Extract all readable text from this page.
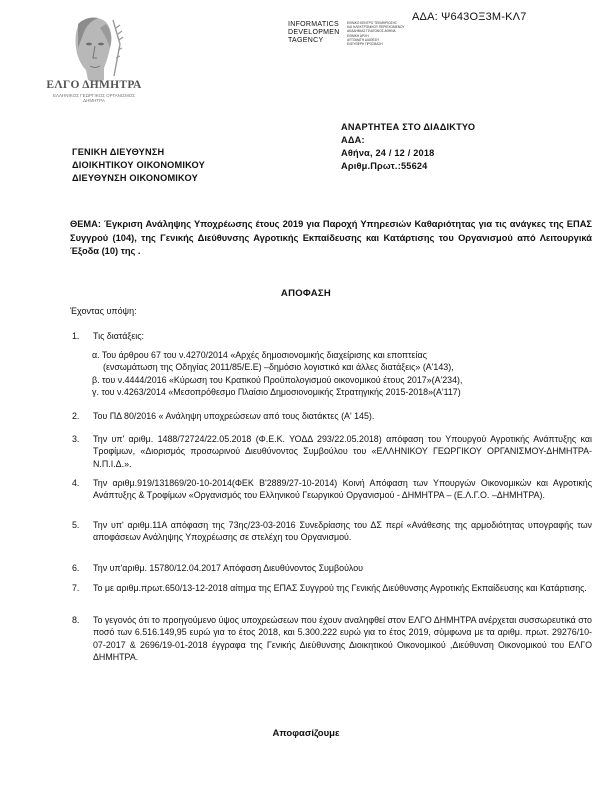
ΑΔΑ: Ψ643ΟΞ3Μ-ΚΛ7
ΕΛΓΟ ΔΗΜΗΤΡΑ
ΕΛΛΗΝΙΚΟΣ ΓΕΩΡΓΙΚΟΣ ΟΡΓΑΝΙΣΜΟΣ ΔΗΜΗΤΡΑ
INFORMATICS
DEVELOPMEN
TAGENCY
ΕΘΝΙΚΟ ΚΕΝΤΡΟ ΤΕΚΜΗΡΙΩΣΗΣ
ΚΑΙ ΗΛΕΚΤΡΟΝΙΚΟΥ ΠΕΡΙΕΧΟΜΕΝΟΥ
ΑΚΑΔΗΜΙΑΣ ΠΛΑΤΩΝΟΣ ΑΘΗΝΑ
ΕΘΝΙΚΗ ΑΡΧΗ
ΑΥΤΟΜΑΤΗ ΔΙΑΘΕΣΗ
ΕΛΕΥΘΕΡΗ ΠΡΟΣΒΑΣΗ
ΓΕΝΙΚΗ ΔΙΕΥΘΥΝΣΗ
ΔΙΟΙΚΗΤΙΚΟΥ ΟΙΚΟΝΟΜΙΚΟΥ
ΔΙΕΥΘΥΝΣΗ ΟΙΚΟΝΟΜΙΚΟΥ
ΑΝΑΡΤΗΤΕΑ ΣΤΟ ΔΙΑΔΙΚΤΥΟ
ΑΔΑ:
Αθήνα, 24 / 12 / 2018
Αριθμ.Πρωτ.:55624
ΘΕΜΑ: Έγκριση Ανάληψης Υποχρέωσης έτους 2019 για Παροχή Υπηρεσιών Καθαριότητας για τις ανάγκες της ΕΠΑΣ Συγγρού (104), της Γενικής Διεύθυνσης Αγροτικής Εκπαίδευσης και Κατάρτισης του Οργανισμού από Λειτουργικά Έξοδα (10) της .
ΑΠΟΦΑΣΗ
Έχοντας υπόψη:
1.	Τις διατάξεις:
α. Του άρθρου 67 του ν.4270/2014 «Αρχές δημοσιονομικής διαχείρισης και εποπτείας
(ενσωμάτωση της Οδηγίας 2011/85/Ε.Ε) –δημόσιο λογιστικό και άλλες διατάξεις» (Α'143),
β. του ν.4444/2016 «Κύρωση του Κρατικού Προϋπολογισμού οικονομικού έτους 2017»(Α'234),
γ. του ν.4263/2014 «Μεσοπρόθεσμο Πλαίσιο Δημοσιονομικής Στρατηγικής 2015-2018»(Α'117)
2.	Του ΠΔ 80/2016 « Ανάληψη υποχρεώσεων από τους διατάκτες (Α' 145).
3.	Την υπ' αριθμ. 1488/72724/22.05.2018 (Φ.Ε.Κ. ΥΟΔΔ 293/22.05.2018) απόφαση του Υπουργού Αγροτικής Ανάπτυξης και Τροφίμων, «Διορισμός προσωρινού Διευθύνοντος Συμβούλου του «ΕΛΛΗΝΙΚΟΥ ΓΕΩΡΓΙΚΟΥ ΟΡΓΑΝΙΣΜΟΥ-ΔΗΜΗΤΡΑ-Ν.Π.Ι.Δ.».
4.	Την αριθμ.919/131869/20-10-2014(ΦΕΚ Β'2889/27-10-2014) Κοινή Απόφαση των Υπουργών Οικονομικών και Αγροτικής Ανάπτυξης & Τροφίμων «Οργανισμός του Ελληνικού Γεωργικού Οργανισμού - ΔΗΜΗΤΡΑ – (Ε.Λ.Γ.Ο. –ΔΗΜΗΤΡΑ).
5.	Την υπ' αριθμ.11Α απόφαση της 73ης/23-03-2016 Συνεδρίασης του ΔΣ περί «Ανάθεσης της αρμοδιότητας υπογραφής των αποφάσεων Ανάληψης Υποχρέωσης σε στελέχη του Οργανισμού.
6.	Την υπ'αριθμ. 15780/12.04.2017 Απόφαση Διευθύνοντος Συμβούλου
7.	Το με αριθμ.πρωτ.650/13-12-2018 αίτημα της ΕΠΑΣ Συγγρού της Γενικής Διεύθυνσης Αγροτικής Εκπαίδευσης και Κατάρτισης.
8.	Το γεγονός ότι το προηγούμενο ύψος υποχρεώσεων που έχουν αναληφθεί στον ΕΛΓΟ ΔΗΜΗΤΡΑ ανέρχεται συσσωρευτικά στο ποσό των 6.516.149,95 ευρώ για το έτος 2018, και 5.300.222 ευρώ για το έτος 2019, σύμφωνα με τα αριθμ. πρωτ. 29276/10-07-2017 & 2696/19-01-2018 έγγραφα της Γενικής Διεύθυνσης Διοικητικού Οικονομικού ,Διεύθυνση Οικονομικού του ΕΛΓΟ ΔΗΜΗΤΡΑ.
Αποφασίζουμε
